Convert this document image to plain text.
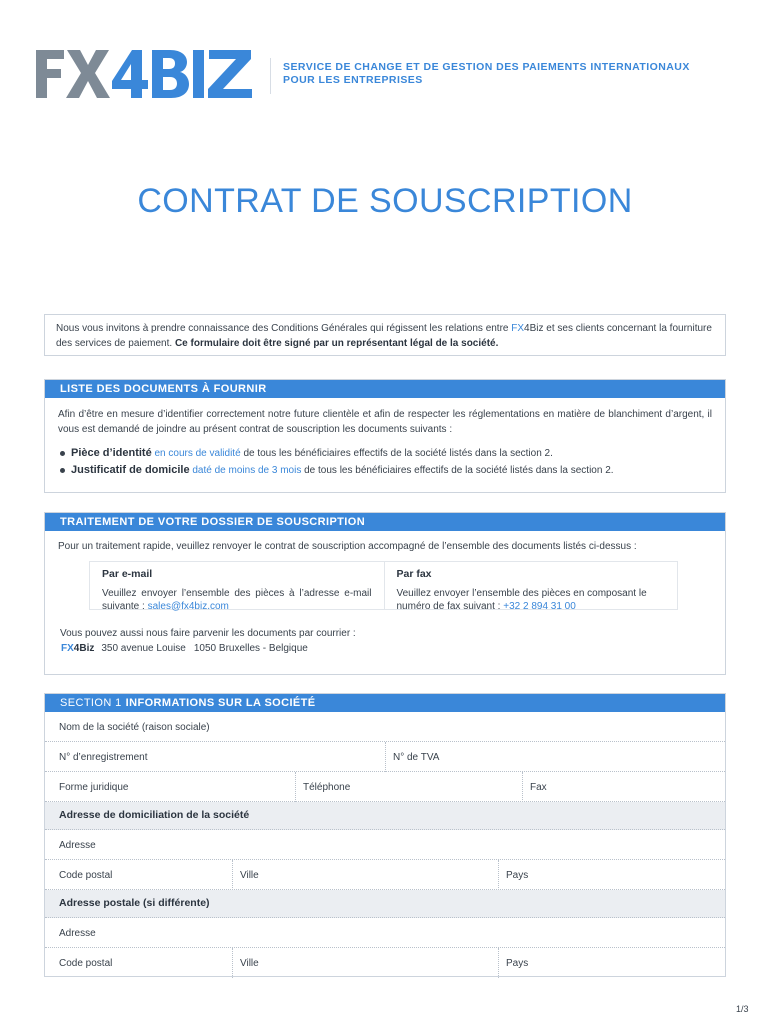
SERVICE DE CHANGE ET DE GESTION DES PAIEMENTS INTERNATIONAUX
POUR LES ENTREPRISES
CONTRAT DE SOUSCRIPTION
Nous vous invitons à prendre connaissance des Conditions Générales qui régissent les relations entre FX4Biz et ses clients concernant la fourniture des services de paiement. Ce formulaire doit être signé par un représentant légal de la société.
LISTE DES DOCUMENTS À FOURNIR

Afin d’être en mesure d’identifier correctement notre future clientèle et afin de respecter les réglementations en matière de blanchiment d’argent, il vous est demandé de joindre au présent contrat de souscription les documents suivants :

Pièce d’identité en cours de validité de tous les bénéficiaires effectifs de la société listés dans la section 2.
Justificatif de domicile daté de moins de 3 mois de tous les bénéficiaires effectifs de la société listés dans la section 2.
TRAITEMENT DE VOTRE DOSSIER DE SOUSCRIPTION

Pour un traitement rapide, veuillez renvoyer le contrat de souscription accompagné de l’ensemble des documents listés ci-dessus :

Par e-mail
Veuillez envoyer l’ensemble des pièces à l’adresse e-mail suivante : sales@fx4biz.com
Par fax
Veuillez envoyer l’ensemble des pièces en composant le numéro de fax suivant : +32 2 894 31 00
Vous pouvez aussi nous faire parvenir les documents par courrier :
FX4Biz 350 avenue Louise 1050 Bruxelles - Belgique
SECTION 1 INFORMATIONS SUR LA SOCIÉTÉ
Nom de la société (raison sociale)
N° d’enregistrement	N° de TVA
Forme juridique	Téléphone	Fax
Adresse de domiciliation de la société
Adresse
Code postal	Ville	Pays
Adresse postale (si différente)
Adresse
Code postal	Ville	Pays
1/3
